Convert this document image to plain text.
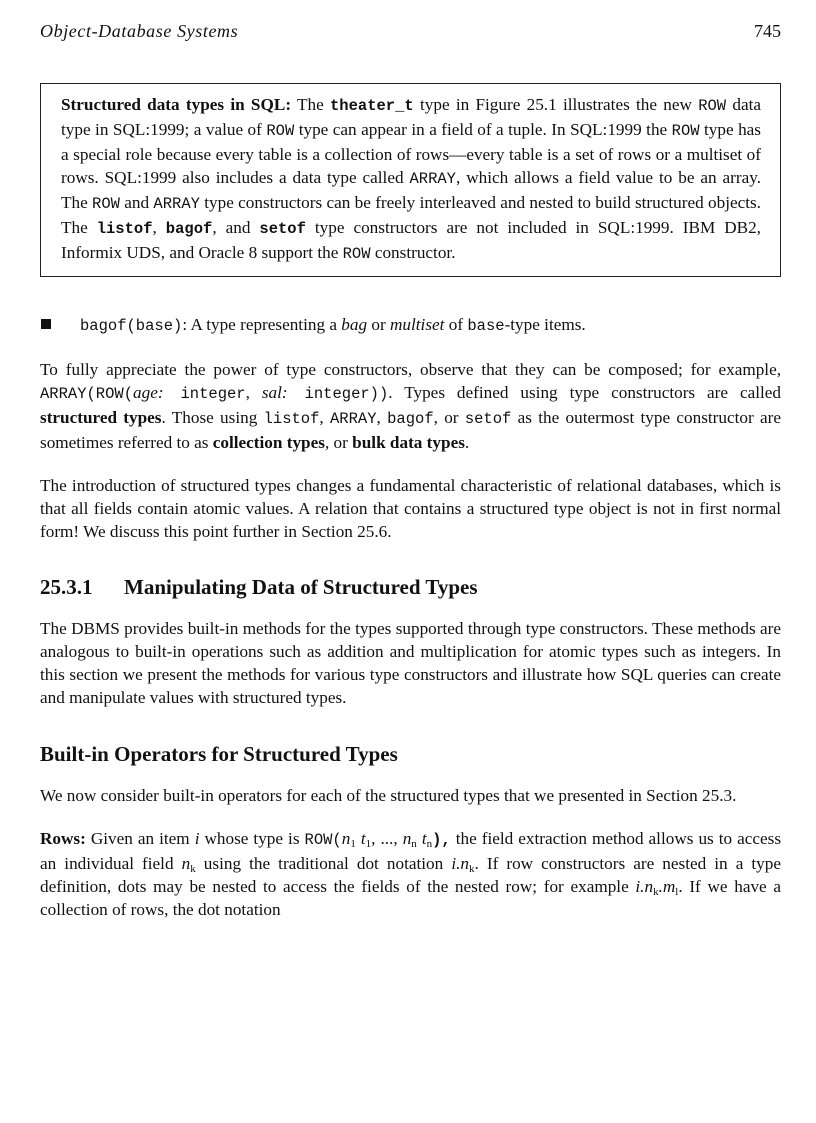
Object-Database Systems	745
Structured data types in SQL: The theater_t type in Figure 25.1 illustrates the new ROW data type in SQL:1999; a value of ROW type can appear in a field of a tuple. In SQL:1999 the ROW type has a special role because every table is a collection of rows—every table is a set of rows or a multiset of rows. SQL:1999 also includes a data type called ARRAY, which allows a field value to be an array. The ROW and ARRAY type constructors can be freely interleaved and nested to build structured objects. The listof, bagof, and setof type constructors are not included in SQL:1999. IBM DB2, Informix UDS, and Oracle 8 support the ROW constructor.
bagof(base): A type representing a bag or multiset of base-type items.

To fully appreciate the power of type constructors, observe that they can be composed; for example, ARRAY(ROW(age: integer, sal: integer)). Types defined using type constructors are called structured types. Those using listof, ARRAY, bagof, or setof as the outermost type constructor are sometimes referred to as collection types, or bulk data types.

The introduction of structured types changes a fundamental characteristic of relational databases, which is that all fields contain atomic values. A relation that contains a structured type object is not in first normal form! We discuss this point further in Section 25.6.

25.3.1 Manipulating Data of Structured Types

The DBMS provides built-in methods for the types supported through type constructors. These methods are analogous to built-in operations such as addition and multiplication for atomic types such as integers. In this section we present the methods for various type constructors and illustrate how SQL queries can create and manipulate values with structured types.

Built-in Operators for Structured Types

We now consider built-in operators for each of the structured types that we presented in Section 25.3.

Rows: Given an item i whose type is $ROW(n_1$ $t_1$, ..., $n_n$ $t_n$), the field extraction method allows us to access an individual field $n_k$ using the traditional dot notation $i.n_k$. If row constructors are nested in a type definition, dots may be nested to access the fields of the nested row; for example $i.n_k.m_l$. If we have a collection of rows, the dot notation
